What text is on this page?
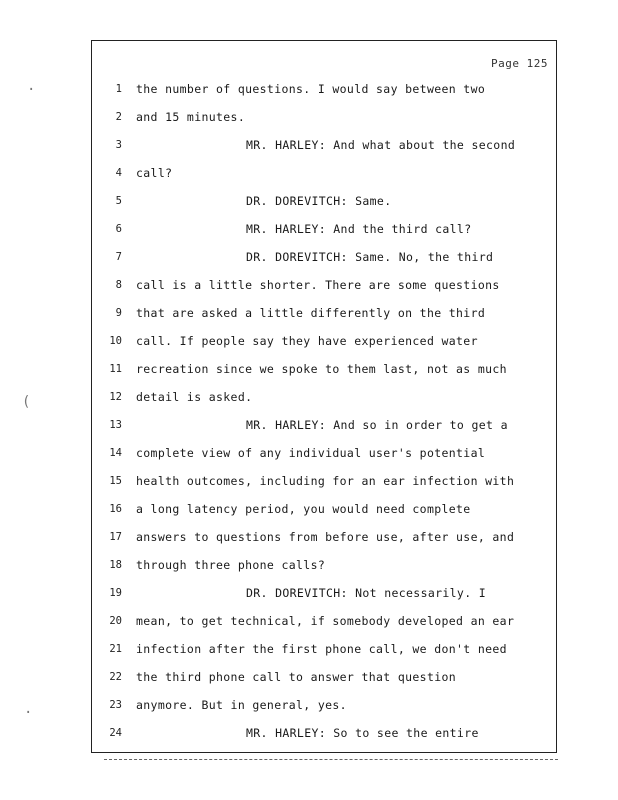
·
(
·
Page 125
1 the number of questions. I would say between two
2 and 15 minutes.
3	MR. HARLEY: And what about the second
4 call?
5	DR. DOREVITCH: Same.
6	MR. HARLEY: And the third call?
7	DR. DOREVITCH: Same. No, the third
8 call is a little shorter. There are some questions
9 that are asked a little differently on the third
10 call. If people say they have experienced water
11 recreation since we spoke to them last, not as much
12 detail is asked.
13	MR. HARLEY: And so in order to get a
14 complete view of any individual user's potential
15 health outcomes, including for an ear infection with
16 a long latency period, you would need complete
17 answers to questions from before use, after use, and
18 through three phone calls?
19	DR. DOREVITCH: Not necessarily. I
20 mean, to get technical, if somebody developed an ear
21 infection after the first phone call, we don't need
22 the third phone call to answer that question
23 anymore. But in general, yes.
24	MR. HARLEY: So to see the entire
